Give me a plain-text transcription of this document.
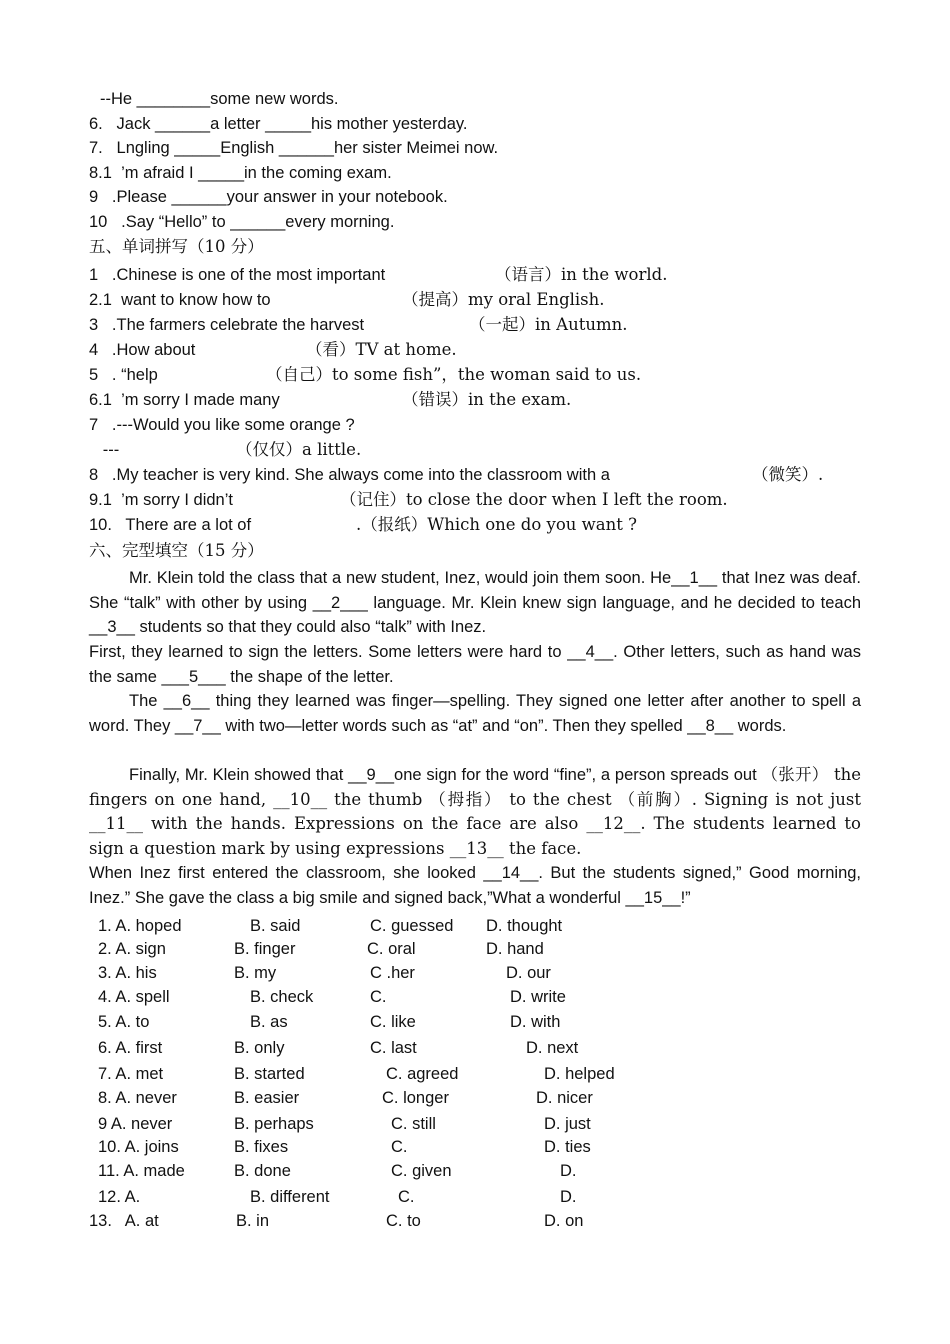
--He ________some new words.
6.   Jack ______a letter _____his mother yesterday.
7.   Lngling _____English ______her sister Meimei now.
8.1  ’m afraid I _____in the coming exam.
9   .Please ______your answer in your notebook.
10   .Say “Hello” to ______every morning.
五、单词拼写（10 分）
1   .Chinese is one of the most important	（语言）in the world.
2.1  want to know how to	（提高）my oral English.
3   .The farmers celebrate the harvest	（一起）in Autumn.
4   .How about	（看）TV at home.
5   . “help	（自己）to some fish”，the woman said to us.
6.1  ’m sorry I made many	（错误）in the exam.
7   .---Would you like some orange ?
---	（仅仅）a little.
8   .My teacher is very kind. She always come into the classroom with a	（微笑）.
9.1  ’m sorry I didn’t	（记住）to close the door when I left the room.
10.   There are a lot of	.（报纸）Which one do you want ?
六、完型填空（15 分）
Mr. Klein told the class that a new student, Inez, would join them soon. He__1__ that Inez was deaf. She “talk” with other by using __2___ language. Mr. Klein knew sign language, and he decided to teach __3__ students so that they could also “talk” with Inez.
First, they learned to sign the letters. Some letters were hard to __4__. Other letters, such as hand was the same ___5___ the shape of the letter.
The __6__ thing they learned was finger—spelling. They signed one letter after another to spell a word. They __7__ with two—letter words such as “at” and “on”. Then they spelled __8__ words.
Finally, Mr. Klein showed that __9__one sign for the word “fine”, a person spreads out （张开） the fingers on one hand, __10__ the thumb （拇指） to the chest （前胸）. Signing is not just __11__ with the hands. Expressions on the face are also __12__. The students learned to sign a question mark by using expressions __13__ the face.
When Inez first entered the classroom, she looked __14__. But the students signed,” Good morning, Inez.” She gave the class a big smile and signed back,”What a wonderful __15__!”
1. A. hoped	B. said	C. guessed D. thought
2. A. sign	B. finger	C. oral	D. hand
3. A. his	B. my	C .her	D. our
4. A. spell	B. check	C.	D. write
5. A. to	B. as	C. like	D. with
6. A. first	B. only	C. last	D. next
7. A. met	B. started	C. agreed	D. helped
8. A. never	B. easier	C. longer	D. nicer
9 A. never	B. perhaps	C. still	D. just
10. A. joins	B. fixes	C.	D. ties
11. A. made	B. done	C. given	D.
12. A.	B. different	C.	D.
13.   A. at	B. in	C. to	D. on
